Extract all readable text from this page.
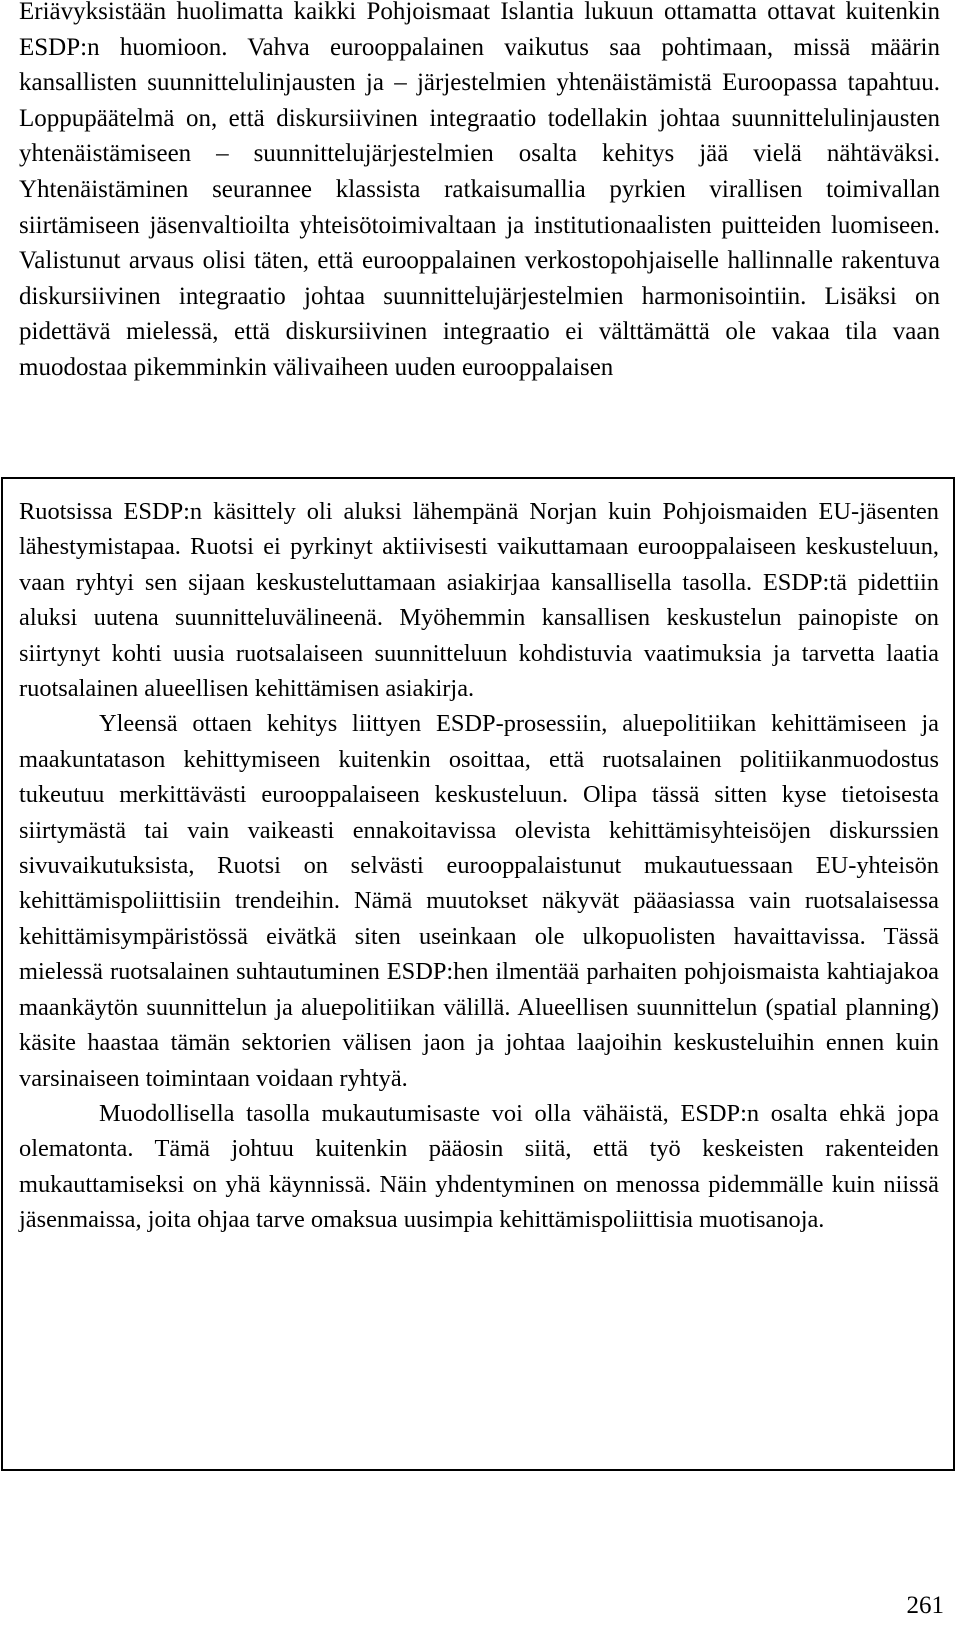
Eriävyksistään huolimatta kaikki Pohjoismaat Islantia lukuun ottamatta ottavat kuitenkin ESDP:n huomioon. Vahva eurooppalainen vaikutus saa pohtimaan, missä määrin kansallisten suunnittelulinjausten ja – järjestelmien yhtenäistämistä Euroopassa tapahtuu. Loppupäätelmä on, että diskursiivinen integraatio todellakin johtaa suunnittelulinjausten yhtenäistämiseen – suunnittelujärjestelmien osalta kehitys jää vielä nähtäväksi. Yhtenäistäminen seurannee klassista ratkaisumallia pyrkien virallisen toimivallan siirtämiseen jäsenvaltioilta yhteisötoimivaltaan ja institutionaalisten puitteiden luomiseen. Valistunut arvaus olisi täten, että eurooppalainen verkostopohjaiselle hallinnalle rakentuva diskursiivinen integraatio johtaa suunnittelujärjestelmien harmonisointiin. Lisäksi on pidettävä mielessä, että diskursiivinen integraatio ei välttämättä ole vakaa tila vaan muodostaa pikemminkin välivaiheen uuden eurooppalaisen

Ruotsissa ESDP:n käsittely oli aluksi lähempänä Norjan kuin Pohjoismaiden EU-jäsenten lähestymistapaa. Ruotsi ei pyrkinyt aktiivisesti vaikuttamaan eurooppalaiseen keskusteluun, vaan ryhtyi sen sijaan keskusteluttamaan asiakirjaa kansallisella tasolla. ESDP:tä pidettiin aluksi uutena suunnitteluvälineenä. Myöhemmin kansallisen keskustelun painopiste on siirtynyt kohti uusia ruotsalaiseen suunnitteluun kohdistuvia vaatimuksia ja tarvetta laatia ruotsalainen alueellisen kehittämisen asiakirja.

Yleensä ottaen kehitys liittyen ESDP-prosessiin, aluepolitiikan kehittämiseen ja maakuntatason kehittymiseen kuitenkin osoittaa, että ruotsalainen politiikanmuodostus tukeutuu merkittävästi eurooppalaiseen keskusteluun. Olipa tässä sitten kyse tietoisesta siirtymästä tai vain vaikeasti ennakoitavissa olevista kehittämisyhteisöjen diskurssien sivuvaikutuksista, Ruotsi on selvästi eurooppalaistunut mukautuessaan EU-yhteisön kehittämispoliittisiin trendeihin. Nämä muutokset näkyvät pääasiassa vain ruotsalaisessa kehittämisympäristössä eivätkä siten useinkaan ole ulkopuolisten havaittavissa. Tässä mielessä ruotsalainen suhtautuminen ESDP:hen ilmentää parhaiten pohjoismaista kahtiajakoa maankäytön suunnittelun ja aluepolitiikan välillä. Alueellisen suunnittelun (spatial planning) käsite haastaa tämän sektorien välisen jaon ja johtaa laajoihin keskusteluihin ennen kuin varsinaiseen toimintaan voidaan ryhtyä.

Muodollisella tasolla mukautumisaste voi olla vähäistä, ESDP:n osalta ehkä jopa olematonta. Tämä johtuu kuitenkin pääosin siitä, että työ keskeisten rakenteiden mukauttamiseksi on yhä käynnissä. Näin yhdentyminen on menossa pidemmälle kuin niissä jäsenmaissa, joita ohjaa tarve omaksua uusimpia kehittämispoliittisia muotisanoja.

261
